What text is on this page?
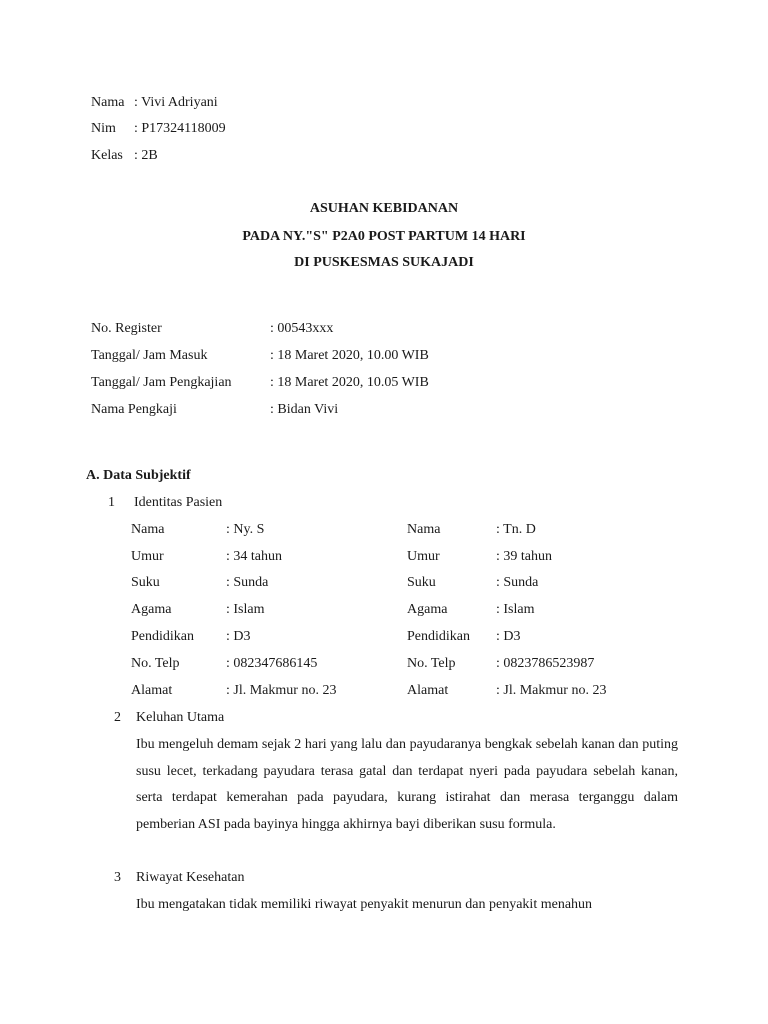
Nama : Vivi Adriyani
Nim : P17324118009
Kelas : 2B
ASUHAN KEBIDANAN
PADA NY."S" P2A0 POST PARTUM 14 HARI
DI PUSKESMAS SUKAJADI
No. Register	: 00543xxx
Tanggal/ Jam Masuk	: 18 Maret 2020, 10.00 WIB
Tanggal/ Jam Pengkajian	: 18 Maret 2020, 10.05 WIB
Nama Pengkaji	: Bidan Vivi
A. Data Subjektif
1 Identitas Pasien
Nama	: Ny. S	Nama	: Tn. D
Umur	: 34 tahun	Umur	: 39 tahun
Suku	: Sunda	Suku	: Sunda
Agama	: Islam	Agama	: Islam
Pendidikan : D3	Pendidikan : D3
No. Telp	: 082347686145	No. Telp	: 0823786523987
Alamat	: Jl. Makmur no. 23	Alamat	: Jl. Makmur no. 23
2 Keluhan Utama
Ibu mengeluh demam sejak 2 hari yang lalu dan payudaranya bengkak sebelah kanan dan puting susu lecet, terkadang payudara terasa gatal dan terdapat nyeri pada payudara sebelah kanan, serta terdapat kemerahan pada payudara, kurang istirahat dan merasa terganggu dalam pemberian ASI pada bayinya hingga akhirnya bayi diberikan susu formula.
3 Riwayat Kesehatan
Ibu mengatakan tidak memiliki riwayat penyakit menurun dan penyakit menahun
